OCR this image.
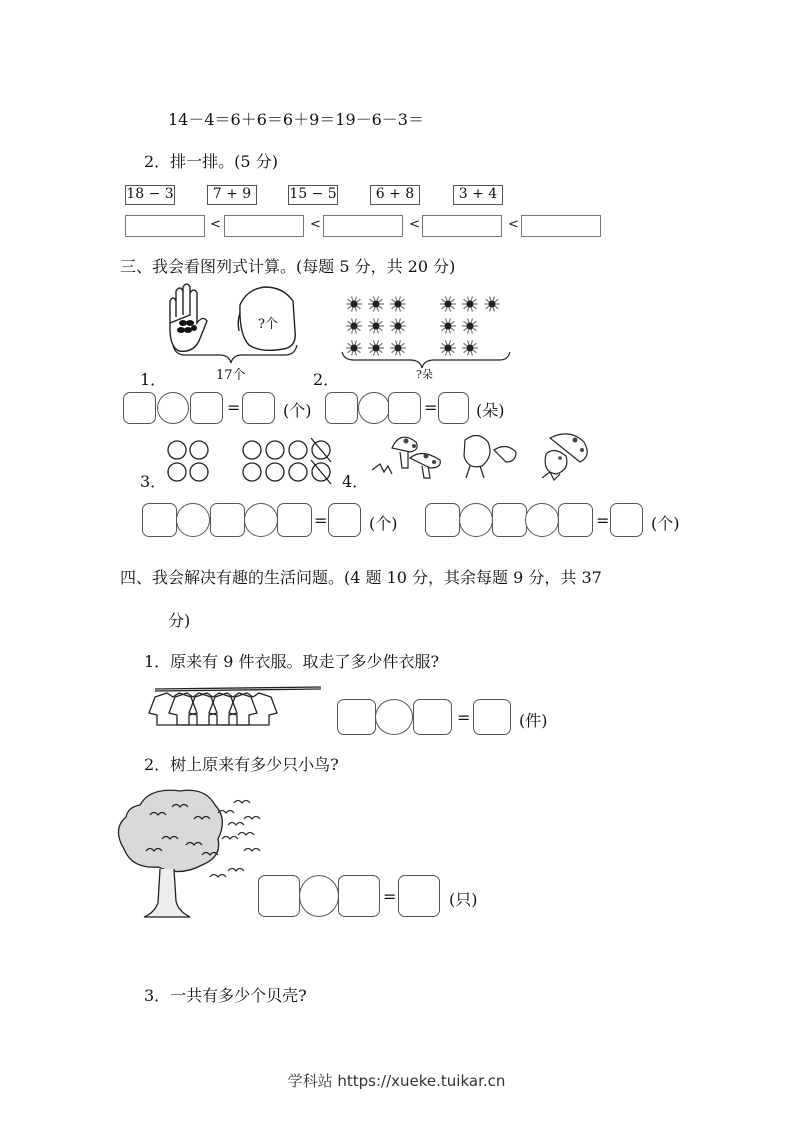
14－4＝6＋6＝6＋9＝19－6－3＝
2．排一排。(5 分)
18 − 3	7 + 9	15 − 5	6 + 8	3 + 4
<	<	<	<
三、我会看图列式计算。(每题 5 分，共 20 分)
?个
17个
1．	?朵
2．
=	(个)	= (朵)
3．	4．
=	(个)	=	(个)
四、我会解决有趣的生活问题。(4 题 10 分，其余每题 9 分，共 37
分)
1．原来有 9 件衣服。取走了多少件衣服?
=	(件)
2．树上原来有多少只小鸟?
=	(只)
3．一共有多少个贝壳?
学科站 https://xueke.tuikar.cn
